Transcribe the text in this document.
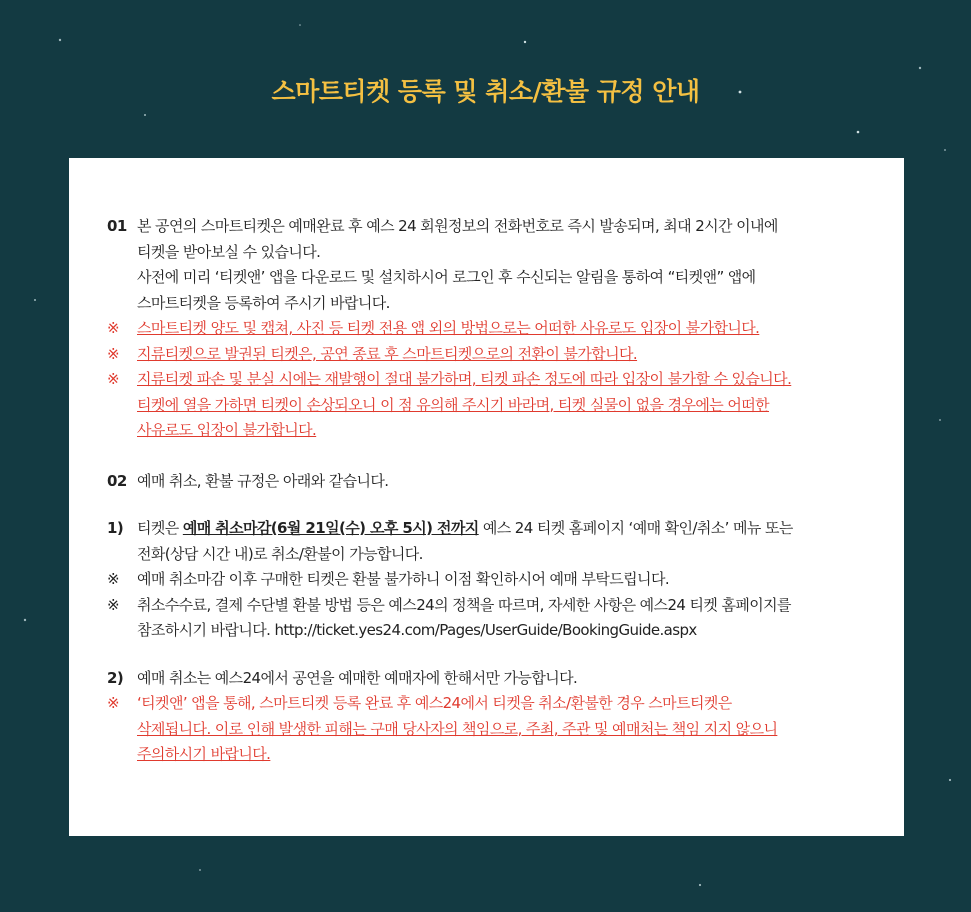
스마트티켓 등록 및 취소/환불 규정 안내
01 본 공연의 스마트티켓은 예매완료 후 예스 24 회원정보의 전화번호로 즉시 발송되며, 최대 2시간 이내에
티켓을 받아보실 수 있습니다.
사전에 미리 ‘티켓앤’ 앱을 다운로드 및 설치하시어 로그인 후 수신되는 알림을 통하여 “티켓앤” 앱에
스마트티켓을 등록하여 주시기 바랍니다.
※	스마트티켓 양도 및 캡쳐, 사진 등 티켓 전용 앱 외의 방법으로는 어떠한 사유로도 입장이 불가합니다.
※	지류티켓으로 발권된 티켓은, 공연 종료 후 스마트티켓으로의 전환이 불가합니다.
※	지류티켓 파손 및 분실 시에는 재발행이 절대 불가하며, 티켓 파손 정도에 따라 입장이 불가할 수 있습니다.
티켓에 열을 가하면 티켓이 손상되오니 이 점 유의해 주시기 바라며, 티켓 실물이 없을 경우에는 어떠한
사유로도 입장이 불가합니다.
02 예매 취소, 환불 규정은 아래와 같습니다.
1) 티켓은 예매 취소마감(6월 21일(수) 오후 5시) 전까지 예스 24 티켓 홈페이지 ‘예매 확인/취소’ 메뉴 또는
전화(상담 시간 내)로 취소/환불이 가능합니다.
※	예매 취소마감 이후 구매한 티켓은 환불 불가하니 이점 확인하시어 예매 부탁드립니다.
※	취소수수료, 결제 수단별 환불 방법 등은 예스24의 정책을 따르며, 자세한 사항은 예스24 티켓 홈페이지를
참조하시기 바랍니다. http://ticket.yes24.com/Pages/UserGuide/BookingGuide.aspx
2) 예매 취소는 예스24에서 공연을 예매한 예매자에 한해서만 가능합니다.
※	‘티켓앤’ 앱을 통해, 스마트티켓 등록 완료 후 예스24에서 티켓을 취소/환불한 경우 스마트티켓은
삭제됩니다. 이로 인해 발생한 피해는 구매 당사자의 책임으로, 주최, 주관 및 예매처는 책임 지지 않으니
주의하시기 바랍니다.
